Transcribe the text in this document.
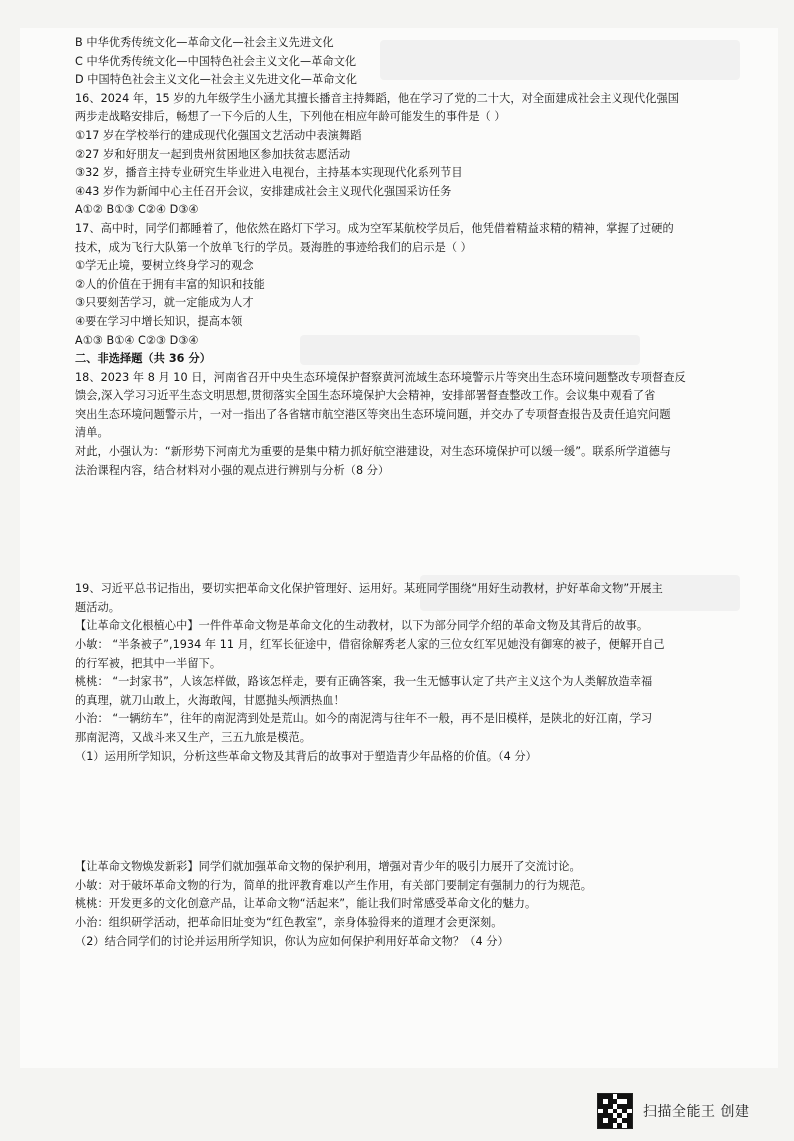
B 中华优秀传统文化—革命文化—社会主义先进文化
C 中华优秀传统文化—中国特色社会主义文化—革命文化
D 中国特色社会主义文化—社会主义先进文化—革命文化
16、2024 年，15 岁的九年级学生小涵尤其擅长播音主持舞蹈，他在学习了党的二十大，对全面建成社会主义现代化强国
两步走战略安排后，畅想了一下今后的人生，下列他在相应年龄可能发生的事件是（ ）
①17 岁在学校举行的建成现代化强国文艺活动中表演舞蹈
②27 岁和好朋友一起到贵州贫困地区参加扶贫志愿活动
③32 岁，播音主持专业研究生毕业进入电视台，主持基本实现现代化系列节目
④43 岁作为新闻中心主任召开会议，安排建成社会主义现代化强国采访任务
A①② B①③ C②④ D③④
17、高中时，同学们都睡着了，他依然在路灯下学习。成为空军某航校学员后，他凭借着精益求精的精神，掌握了过硬的
技术，成为飞行大队第一个放单飞行的学员。聂海胜的事迹给我们的启示是（ ）
①学无止境，要树立终身学习的观念
②人的价值在于拥有丰富的知识和技能
③只要刻苦学习，就一定能成为人才
④要在学习中增长知识，提高本领
A①③ B①④ C②③ D③④
二、非选择题（共 36 分）
18、2023 年 8 月 10 日，河南省召开中央生态环境保护督察黄河流域生态环境警示片等突出生态环境问题整改专项督查反
馈会,深入学习习近平生态文明思想,贯彻落实全国生态环境保护大会精神，安排部署督查整改工作。会议集中观看了省
突出生态环境问题警示片，一对一指出了各省辖市航空港区等突出生态环境问题，并交办了专项督查报告及责任追究问题
清单。
对此，小强认为：“新形势下河南尤为重要的是集中精力抓好航空港建设，对生态环境保护可以缓一缓”。联系所学道德与
法治课程内容，结合材料对小强的观点进行辨别与分析（8 分）
19、习近平总书记指出，要切实把革命文化保护管理好、运用好。某班同学围绕“用好生动教材，护好革命文物”开展主
题活动。
【让革命文化根植心中】一件件革命文物是革命文化的生动教材，以下为部分同学介绍的革命文物及其背后的故事。
小敏： “半条被子”,1934 年 11 月，红军长征途中，借宿徐解秀老人家的三位女红军见她没有御寒的被子，便解开自己
的行军被，把其中一半留下。
桃桃： “一封家书”，人该怎样做，路该怎样走，要有正确答案，我一生无憾事认定了共产主义这个为人类解放造幸福
的真理，就刀山敢上，火海敢闯，甘愿抛头颅洒热血！
小治： “一辆纺车”，往年的南泥湾到处是荒山。如今的南泥湾与往年不一般，再不是旧模样，是陕北的好江南，学习
那南泥湾，又战斗来又生产，三五九旅是模范。
（1）运用所学知识，分析这些革命文物及其背后的故事对于塑造青少年品格的价值。（4 分）
【让革命文物焕发新彩】同学们就加强革命文物的保护利用，增强对青少年的吸引力展开了交流讨论。
小敏：对于破坏革命文物的行为，简单的批评教育难以产生作用，有关部门要制定有强制力的行为规范。
桃桃：开发更多的文化创意产品，让革命文物“活起来”，能让我们时常感受革命文化的魅力。
小治：组织研学活动，把革命旧址变为“红色教室”，亲身体验得来的道理才会更深刻。
（2）结合同学们的讨论并运用所学知识，你认为应如何保护利用好革命文物？（4 分）
扫描全能王 创建
